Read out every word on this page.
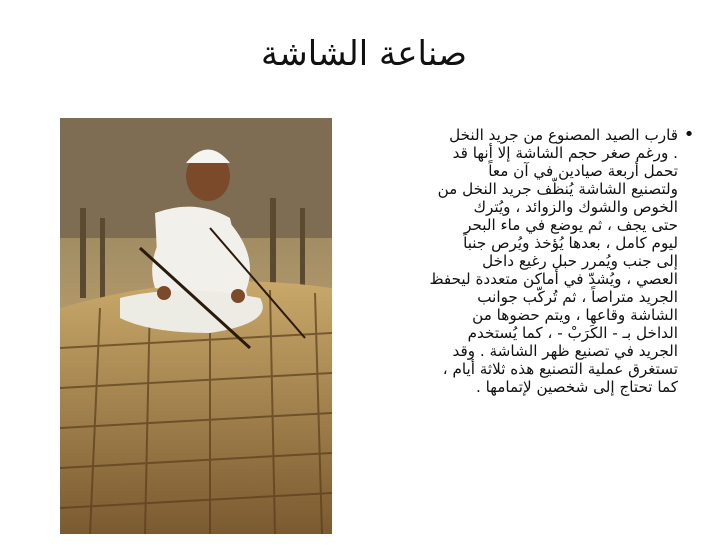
صناعة الشاشة
•
قارب الصيد المصنوع من جريد النخل
. ورغم صغر حجم الشاشة إلا أنها قد
تحمل أربعة صيادين في آن معاً
ولتصنيع الشاشة يُنظّف جريد النخل من
الخوص والشوك والزوائد ، ويُترك
حتى يجف ، ثم يوضع في ماء البحر
ليوم كامل ، بعدها يُؤخذ ويُرص جنباً
إلى جنب ويُمرر حبل رغيع داخل
العصي ، ويُشدّ في أماكن متعددة ليحفظ
الجريد متراصاً ، ثم تُركّب جوانب
الشاشة وقاعها ، ويتم حضوها من
الداخل بـ - الكَرَبْ - ، كما يُستخدم
الجريد في تصنيع ظهر الشاشة . وقد
تستغرق عملية التصنيع هذه ثلاثة أيام ،
كما تحتاج إلى شخصين لإتمامها .
